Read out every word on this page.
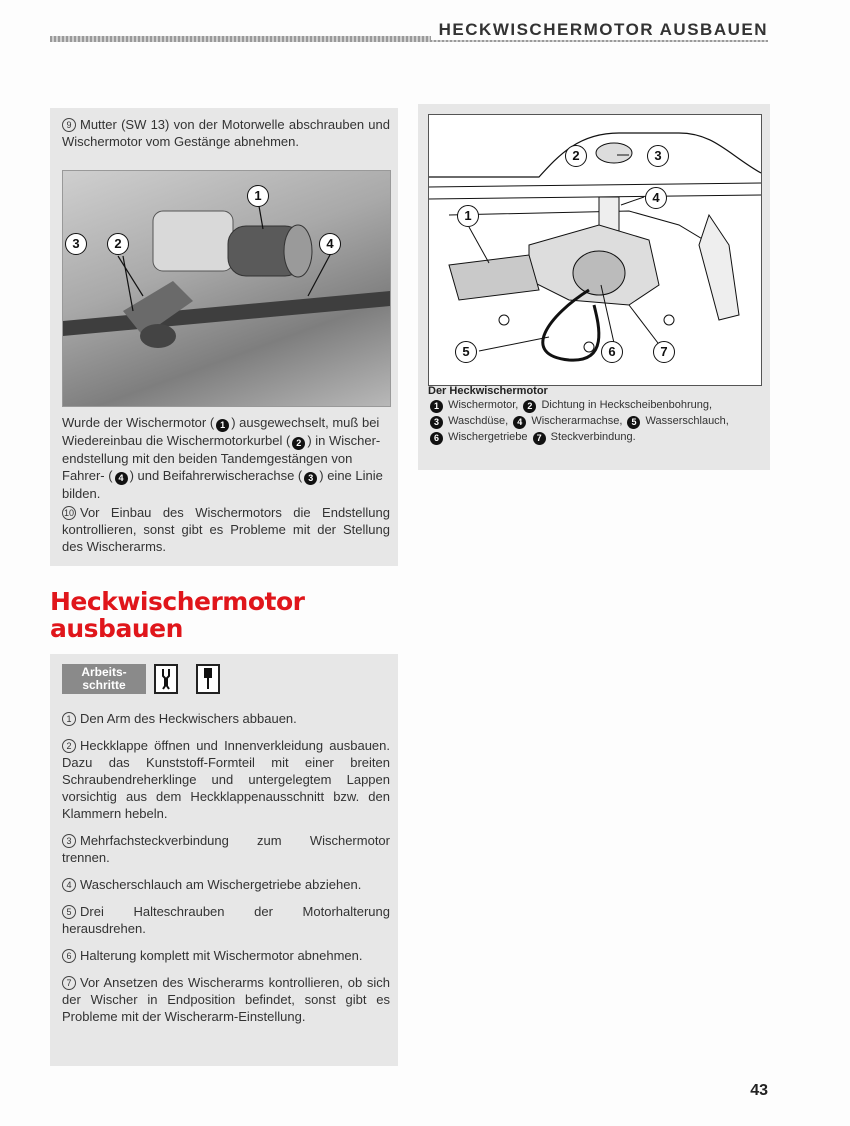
HECKWISCHERMOTOR AUSBAUEN
9 Mutter (SW 13) von der Motorwelle abschrauben und Wischermotor vom Gestänge abnehmen.
1
3	2	4
Wurde der Wischermotor ( 1 ) ausgewechselt, muß bei Wiedereinbau die Wischermotorkurbel ( 2 ) in Wischer-endstellung mit den beiden Tandemgestängen von Fahrer- ( 4 ) und Beifahrerwischerachse ( 3 ) eine Linie bilden.
10 Vor Einbau des Wischermotors die Endstellung kontrollieren, sonst gibt es Probleme mit der Stellung des Wischerarms.
Heckwischermotor
ausbauen
Arbeits-
schritte
1 Den Arm des Heckwischers abbauen.
2 Heckklappe öffnen und Innenverkleidung ausbauen. Dazu das Kunststoff-Formteil mit einer breiten Schraubendreherklinge und untergelegtem Lappen vorsichtig aus dem Heckklappenausschnitt bzw. den Klammern hebeln.
3 Mehrfachsteckverbindung zum Wischermotor trennen.
4 Wascherschlauch am Wischergetriebe abziehen.
5 Drei Halteschrauben der Motorhalterung herausdrehen.
6 Halterung komplett mit Wischermotor abnehmen.
7 Vor Ansetzen des Wischerarms kontrollieren, ob sich der Wischer in Endposition befindet, sonst gibt es Probleme mit der Wischerarm-Einstellung.
1
2	3
4
5	6	7
Der Heckwischermotor
1 Wischermotor, 2 Dichtung in Heckscheibenbohrung,
3 Waschdüse, 4 Wischerarmachse, 5 Wasserschlauch,
6 Wischergetriebe 7 Steckverbindung.
43
